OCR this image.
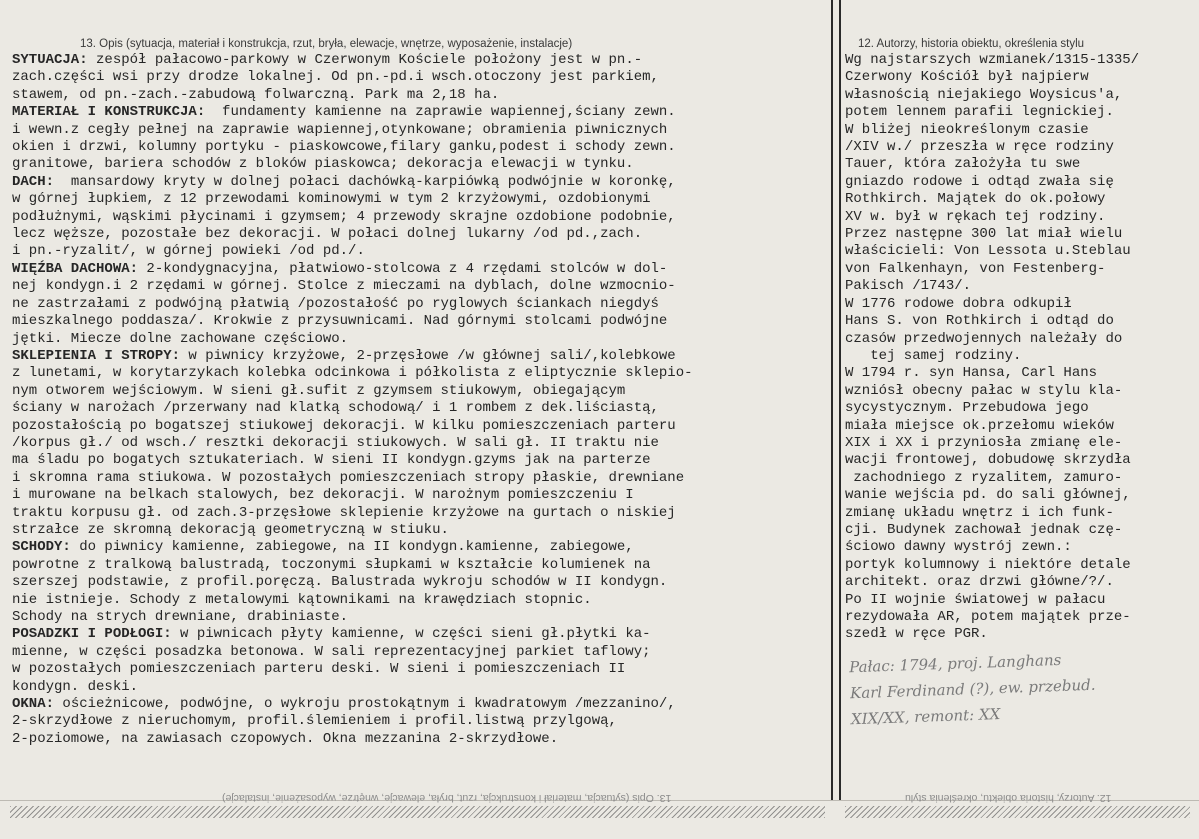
13. Opis (sytuacja, materiał i konstrukcja, rzut, bryła, elewacje, wnętrze, wyposażenie, instalacje)	12. Autorzy, historia obiektu, określenia stylu
SYTUACJA: zespół pałacowo-parkowy w Czerwonym Kościele położony jest w pn.-
zach.części wsi przy drodze lokalnej. Od pn.-pd.i wsch.otoczony jest parkiem,
stawem, od pn.-zach.-zabudową folwarczną. Park ma 2,18 ha.
MATERIAŁ I KONSTRUKCJA:  fundamenty kamienne na zaprawie wapiennej,ściany zewn.
i wewn.z cegły pełnej na zaprawie wapiennej,otynkowane; obramienia piwnicznych
okien i drzwi, kolumny portyku - piaskowcowe,filary ganku,podest i schody zewn.
granitowe, bariera schodów z bloków piaskowca; dekoracja elewacji w tynku.
DACH:  mansardowy kryty w dolnej połaci dachówką-karpiówką podwójnie w koronkę,
w górnej łupkiem, z 12 przewodami kominowymi w tym 2 krzyżowymi, ozdobionymi
podłużnymi, wąskimi płycinami i gzymsem; 4 przewody skrajne ozdobione podobnie,
lecz węższe, pozostałe bez dekoracji. W połaci dolnej lukarny /od pd.,zach.
i pn.-ryzalit/, w górnej powieki /od pd./.
WIĘŹBA DACHOWA: 2-kondygnacyjna, płatwiowo-stolcowa z 4 rzędami stolców w dol-
nej kondygn.i 2 rzędami w górnej. Stolce z mieczami na dyblach, dolne wzmocnio-
ne zastrzałami z podwójną płatwią /pozostałość po ryglowych ściankach niegdyś
mieszkalnego poddasza/. Krokwie z przysuwnicami. Nad górnymi stolcami podwójne
jętki. Miecze dolne zachowane częściowo.
SKLEPIENIA I STROPY: w piwnicy krzyżowe, 2-przęsłowe /w głównej sali/,kolebkowe
z lunetami, w korytarzykach kolebka odcinkowa i półkolista z eliptycznie sklepio-
nym otworem wejściowym. W sieni gł.sufit z gzymsem stiukowym, obiegającym
ściany w narożach /przerwany nad klatką schodową/ i 1 rombem z dek.liściastą,
pozostałością po bogatszej stiukowej dekoracji. W kilku pomieszczeniach parteru
/korpus gł./ od wsch./ resztki dekoracji stiukowych. W sali gł. II traktu nie
ma śladu po bogatych sztukateriach. W sieni II kondygn.gzyms jak na parterze
i skromna rama stiukowa. W pozostałych pomieszczeniach stropy płaskie, drewniane
i murowane na belkach stalowych, bez dekoracji. W narożnym pomieszczeniu I
traktu korpusu gł. od zach.3-przęsłowe sklepienie krzyżowe na gurtach o niskiej
strzałce ze skromną dekoracją geometryczną w stiuku.
SCHODY: do piwnicy kamienne, zabiegowe, na II kondygn.kamienne, zabiegowe,
powrotne z tralkową balustradą, toczonymi słupkami w kształcie kolumienek na
szerszej podstawie, z profil.poręczą. Balustrada wykroju schodów w II kondygn.
nie istnieje. Schody z metalowymi kątownikami na krawędziach stopnic.
Schody na strych drewniane, drabiniaste.
POSADZKI I PODŁOGI: w piwnicach płyty kamienne, w części sieni gł.płytki ka-
mienne, w części posadzka betonowa. W sali reprezentacyjnej parkiet taflowy;
w pozostałych pomieszczeniach parteru deski. W sieni i pomieszczeniach II
kondygn. deski.
OKNA: ościeżnicowe, podwójne, o wykroju prostokątnym i kwadratowym /mezzanino/,
2-skrzydłowe z nieruchomym, profil.ślemieniem i profil.listwą przylgową,
2-poziomowe, na zawiasach czopowych. Okna mezzanina 2-skrzydłowe.
Wg najstarszych wzmianek/1315-1335/
Czerwony Kościół był najpierw
własnością niejakiego Woysicus'a,
potem lennem parafii legnickiej.
W bliżej nieokreślonym czasie
/XIV w./ przeszła w ręce rodziny
Tauer, która założyła tu swe
gniazdo rodowe i odtąd zwała się
Rothkirch. Majątek do ok.połowy
XV w. był w rękach tej rodziny.
Przez następne 300 lat miał wielu
właścicieli: Von Lessota u.Steblau
von Falkenhayn, von Festenberg-
Pakisch /1743/.
W 1776 rodowe dobra odkupił
Hans S. von Rothkirch i odtąd do
czasów przedwojennych należały do
tej samej rodziny.
W 1794 r. syn Hansa, Carl Hans
wzniósł obecny pałac w stylu kla-
sycystycznym. Przebudowa jego
miała miejsce ok.przełomu wieków
XIX i XX i przyniosła zmianę ele-
wacji frontowej, dobudowę skrzydła
zachodniego z ryzalitem, zamuro-
wanie wejścia pd. do sali głównej,
zmianę układu wnętrz i ich funk-
cji. Budynek zachował jednak czę-
ściowo dawny wystrój zewn.:
portyk kolumnowy i niektóre detale
architekt. oraz drzwi główne/?/.
Po II wojnie światowej w pałacu
rezydowała AR, potem majątek prze-
szedł w ręce PGR.
Pałac: 1794, proj. Langhans
Karl Ferdinand (?), ew. przebud.
XIX/XX, remont: XX
13. Opis (sytuacja, materiał i konstrukcja, rzut, bryła, elewacje, wnętrze, wyposażenie, instalacje)	12. Autorzy, historia obiektu, określenia stylu
